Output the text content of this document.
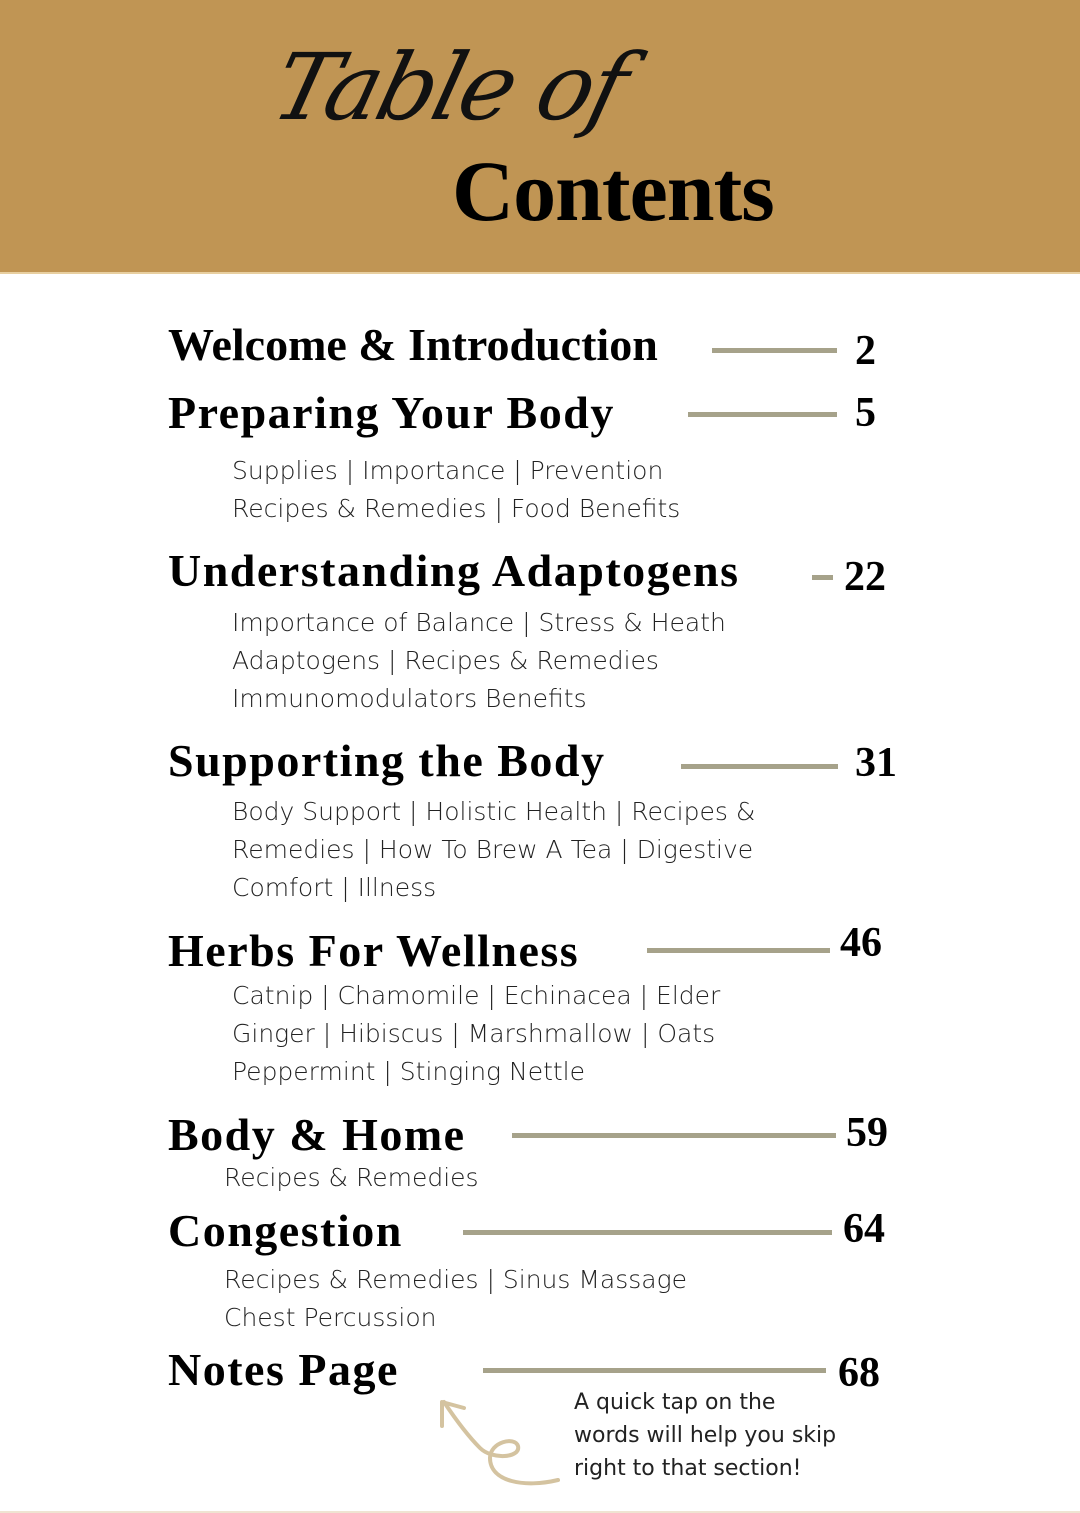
Table of
Contents
Welcome & Introduction	2
Preparing Your Body	5
Supplies | Importance | Prevention
Recipes & Remedies | Food Benefits
Understanding Adaptogens 22
Importance of Balance | Stress & Heath
Adaptogens | Recipes & Remedies
Immunomodulators Benefits
Supporting the Body	31
Body Support | Holistic Health | Recipes &
Remedies | How To Brew A Tea | Digestive
Comfort | Illness
Herbs For Wellness	46
Catnip | Chamomile | Echinacea | Elder
Ginger | Hibiscus | Marshmallow | Oats
Peppermint | Stinging Nettle
Body & Home	59
Recipes & Remedies
Congestion	64
Recipes & Remedies | Sinus Massage
Chest Percussion
Notes Page	68
A quick tap on the
words will help you skip
right to that section!
